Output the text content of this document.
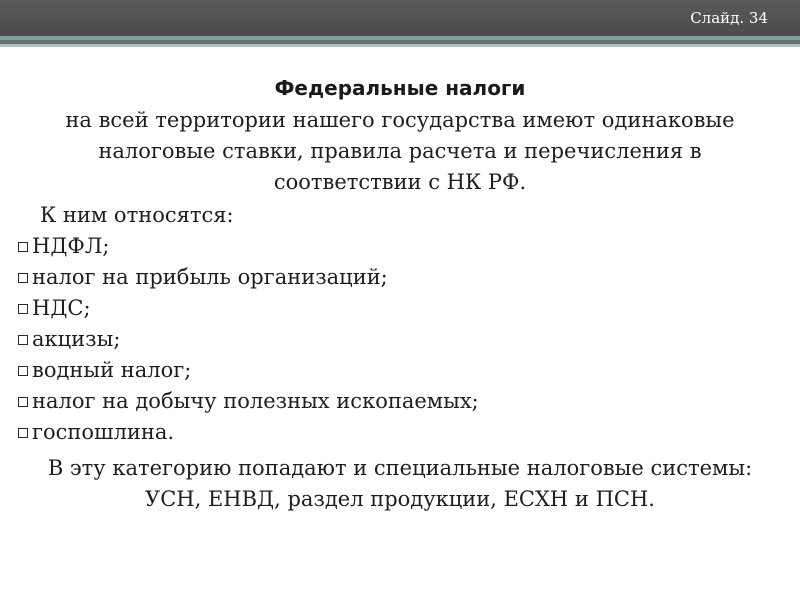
Слайд. 34
Федеральные налоги
на всей территории нашего государства имеют одинаковые налоговые ставки, правила расчета и перечисления в соответствии с НК РФ.
К ним относятся:
НДФЛ;
налог на прибыль организаций;
НДС;
акцизы;
водный налог;
налог на добычу полезных ископаемых;
госпошлина.
В эту категорию попадают и специальные налоговые системы: УСН, ЕНВД, раздел продукции, ЕСХН и ПСН.
